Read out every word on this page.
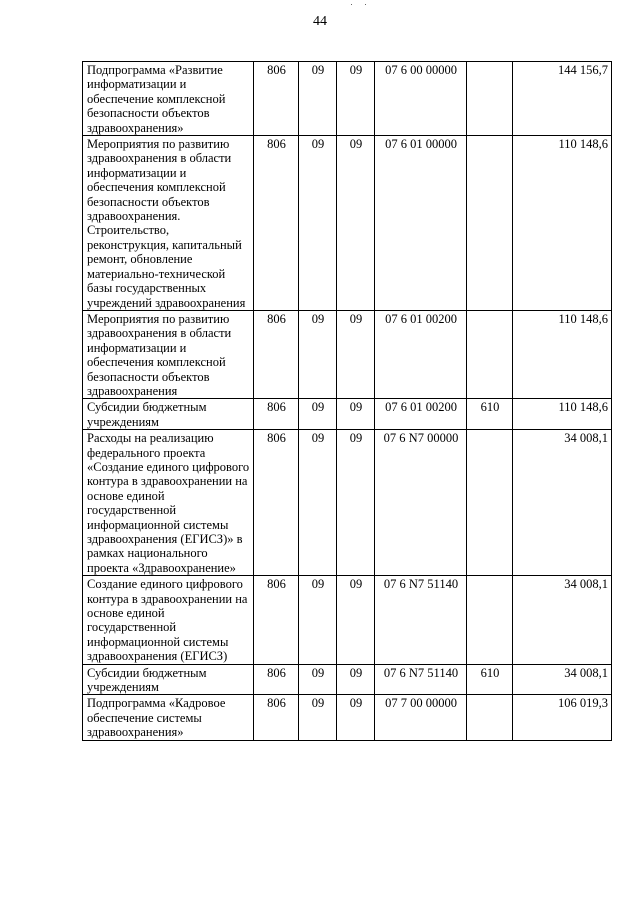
44
Подпрограмма «Развитие информатизации и обеспечение комплексной безопасности объектов здравоохранения»	806	09	09	07 6 00 00000		144 156,7
Мероприятия по развитию здравоохранения в области информатизации и обеспечения комплексной безопасности объектов здравоохранения. Строительство, реконструкция, капитальный ремонт, обновление материально-технической базы государственных учреждений здравоохранения	806	09	09	07 6 01 00000		110 148,6
Мероприятия по развитию здравоохранения в области информатизации и обеспечения комплексной безопасности объектов здравоохранения	806	09	09	07 6 01 00200		110 148,6
Субсидии бюджетным учреждениям	806	09	09	07 6 01 00200	610	110 148,6
Расходы на реализацию федерального проекта «Создание единого цифрового контура в здравоохранении на основе единой государственной информационной системы здравоохранения (ЕГИСЗ)» в рамках национального проекта «Здравоохранение»	806	09	09	07 6 N7 00000		34 008,1
Создание единого цифрового контура в здравоохранении на основе единой государственной информационной системы здравоохранения (ЕГИСЗ)	806	09	09	07 6 N7 51140		34 008,1
Субсидии бюджетным учреждениям	806	09	09	07 6 N7 51140	610	34 008,1
Подпрограмма «Кадровое обеспечение системы здравоохранения»	806	09	09	07 7 00 00000		106 019,3
